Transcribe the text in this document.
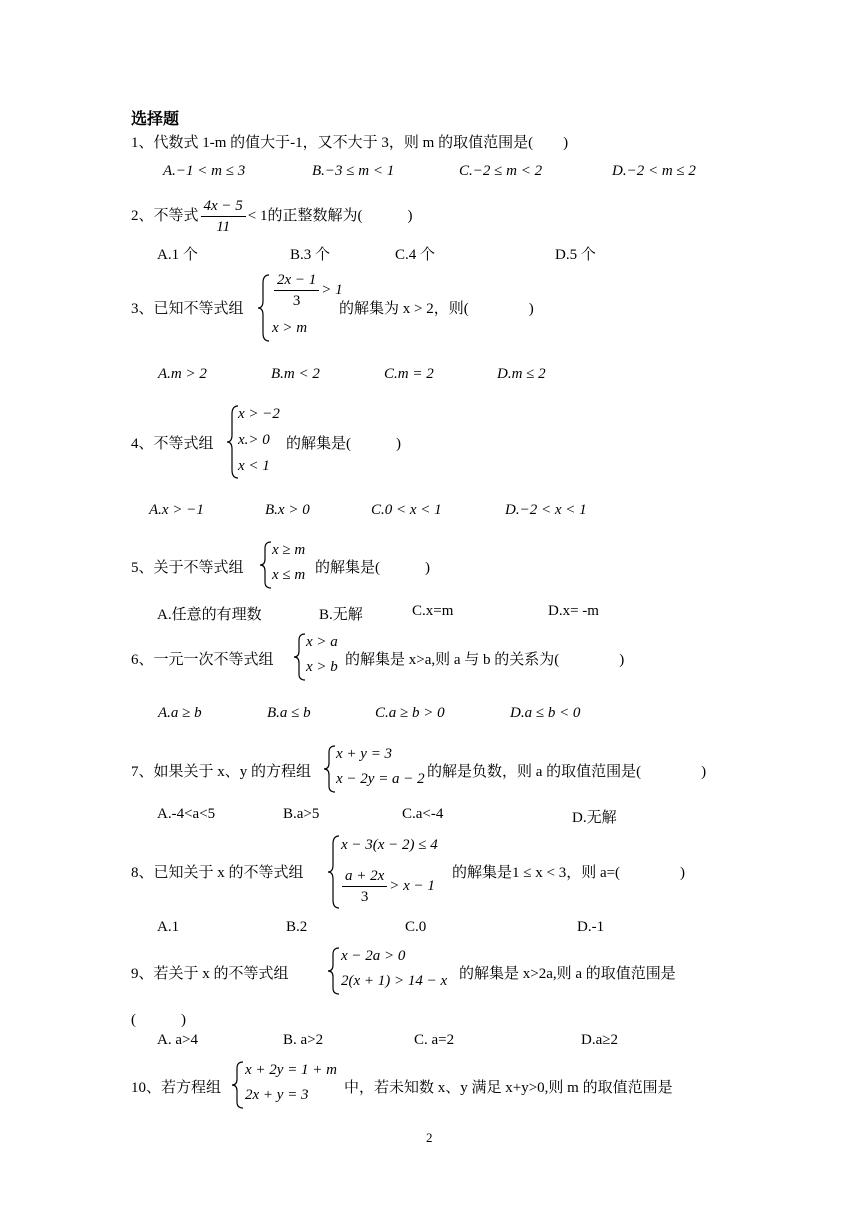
选择题
1、代数式 1-m 的值大于-1，又不大于 3，则 m 的取值范围是(　　)
A.−1 < m ≤ 3	B.−3 ≤ m < 1	C.−2 ≤ m < 2	D.−2 < m ≤ 2
2、不等式 $\frac{4x - 5}{11} < 1$的正整数解为(　　　)
A.1 个	B.3 个	C.4 个	D.5 个
3、已知不等式组 $\frac{2x - 1}{3} > 1$
x > m
的解集为 x > 2，则(　　　　)
A.m > 2	B.m < 2	C.m = 2	D.m ≤ 2
4、不等式组
x > −2
x.> 0
x < 1
的解集是(　　　)
A.x > −1	B.x > 0	C.0 < x < 1	D.−2 < x < 1
5、关于不等式组
x ≥ m
x ≤ m 的解集是(　　　)
A.任意的有理数	B.无解	C.x=m	D.x= -m
6、一元一次不等式组
x > a
x > b 的解集是 x>a,则 a 与 b 的关系为(　　　　)
A.a ≥ b	B.a ≤ b	C.a ≥ b > 0	D.a ≤ b < 0
7、如果关于 x、y 的方程组
x + y = 3
x − 2y = a − 2 的解是负数，则 a 的取值范围是(　　　　)
A.-4<a<5	B.a>5	C.a<-4	D.无解
8、已知关于 x 的不等式组
x − 3(x − 2) ≤ 4
$\frac{a + 2x}{3} > x - 1$
的解集是1 ≤ x < 3，则 a=(　　　　)
A.1	B.2	C.0	D.-1
9、若关于 x 的不等式组
x − 2a > 0
2(x + 1) > 14 − x 的解集是 x>2a,则 a 的取值范围是
(　　　)
A. a>4	B. a>2	C. a=2	D.a≥2
10、若方程组
x + 2y = 1 + m
2x + y = 3 中，若未知数 x、y 满足 x+y>0,则 m 的取值范围是
2
